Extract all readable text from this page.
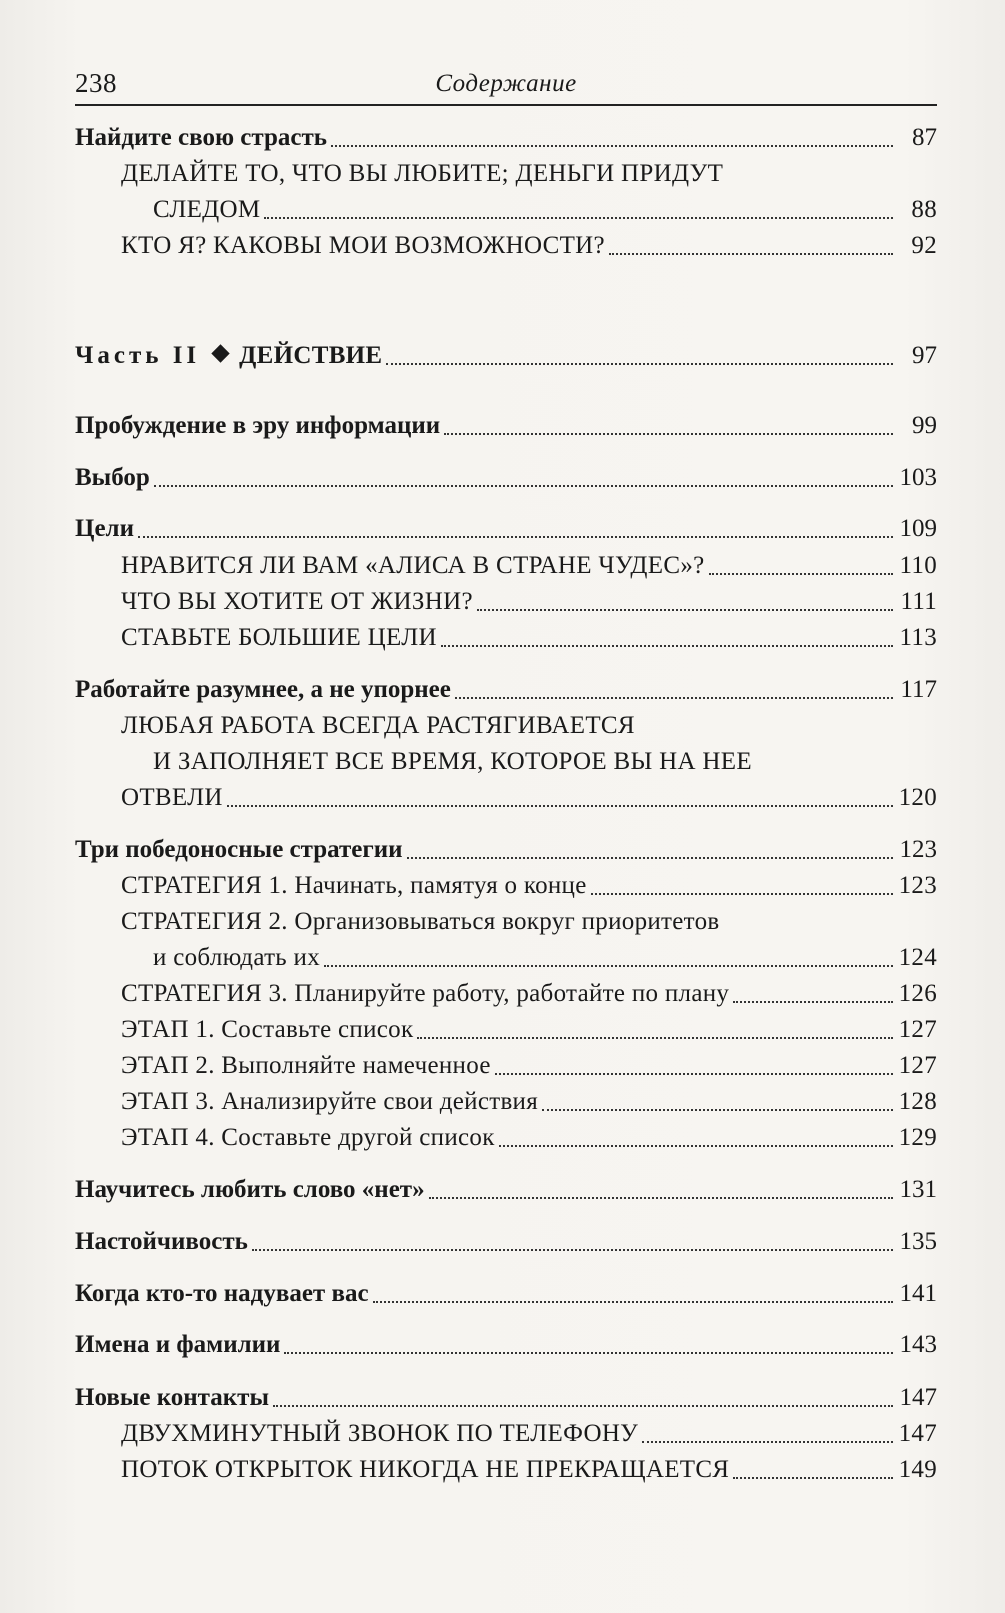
Содержание
238
Найдите свою страсть	87
ДЕЛАЙТЕ ТО, ЧТО ВЫ ЛЮБИТЕ; ДЕНЬГИ ПРИДУТ
СЛЕДОМ	88
КТО Я? КАКОВЫ МОИ ВОЗМОЖНОСТИ?	92
Часть II ДЕЙСТВИЕ	97
Пробуждение в эру информации	99
Выбор	103
Цели	109
НРАВИТСЯ ЛИ ВАМ «АЛИСА В СТРАНЕ ЧУДЕС»?	110
ЧТО ВЫ ХОТИТЕ ОТ ЖИЗНИ?	111
СТАВЬТЕ БОЛЬШИЕ ЦЕЛИ	113
Работайте разумнее, а не упорнее	117
ЛЮБАЯ РАБОТА ВСЕГДА РАСТЯГИВАЕТСЯ
И ЗАПОЛНЯЕТ ВСЕ ВРЕМЯ, КОТОРОЕ ВЫ НА НЕЕ
ОТВЕЛИ	120
Три победоносные стратегии	123
СТРАТЕГИЯ 1. Начинать, памятуя о конце	123
СТРАТЕГИЯ 2. Организовываться вокруг приоритетов
и соблюдать их	124
СТРАТЕГИЯ 3. Планируйте работу, работайте по плану	126
ЭТАП 1. Составьте список	127
ЭТАП 2. Выполняйте намеченное	127
ЭТАП 3. Анализируйте свои действия	128
ЭТАП 4. Составьте другой список	129
Научитесь любить слово «нет»	131
Настойчивость	135
Когда кто-то надувает вас	141
Имена и фамилии	143
Новые контакты	147
ДВУХМИНУТНЫЙ ЗВОНОК ПО ТЕЛЕФОНУ	147
ПОТОК ОТКРЫТОК НИКОГДА НЕ ПРЕКРАЩАЕТСЯ	149
